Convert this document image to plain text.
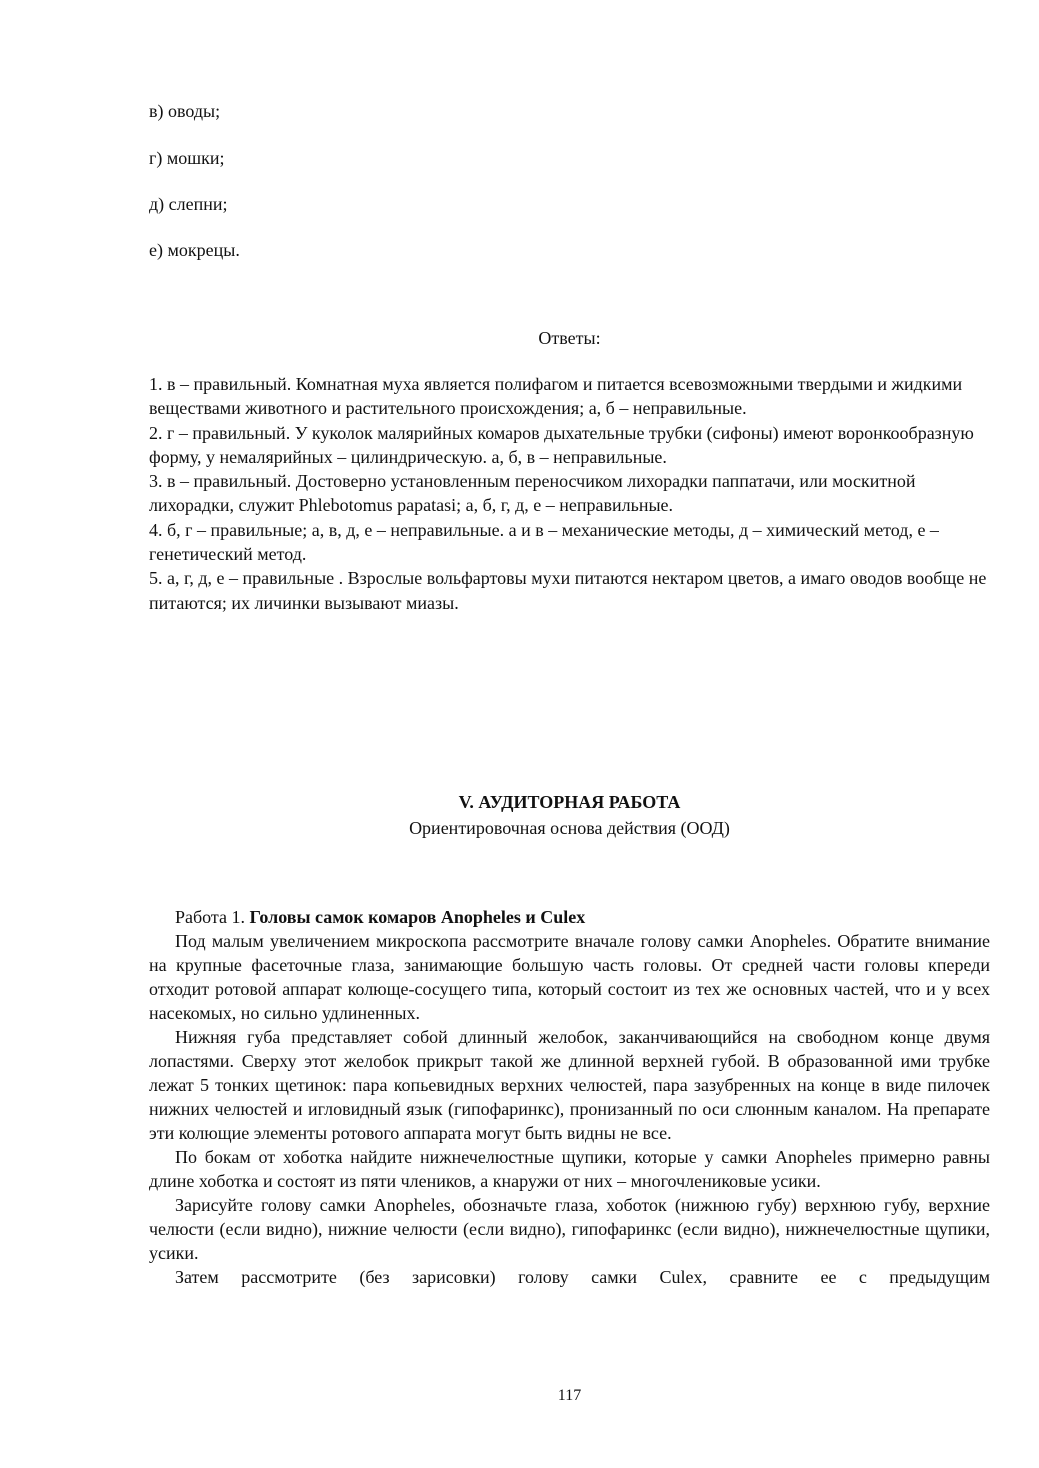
в) оводы;

г) мошки;

д) слепни;

е) мокрецы.

Ответы:

1. в – правильный. Комнатная муха является полифагом и питается всевозможными твердыми и жидкими веществами животного и растительного происхождения; а, б – неправильные.

2. г – правильный. У куколок малярийных комаров дыхательные трубки (сифоны) имеют воронкообразную форму, у немалярийных – цилиндрическую. а, б, в – неправильные.

3. в – правильный. Достоверно установленным переносчиком лихорадки паппатачи, или москитной лихорадки, служит Phlebotomus papatasi; а, б, г, д, е – неправильные.

4. б, г – правильные; а, в, д, е – неправильные. а и в – механические методы, д – химический метод, е – генетический метод.

5. а, г, д, е – правильные . Взрослые вольфартовы мухи питаются нектаром цветов, а имаго оводов вообще не питаются; их личинки вызывают миазы.

V. АУДИТОРНАЯ РАБОТА

Ориентировочная основа действия (ООД)

Работа 1. Головы самок комаров Anopheles и Culex

Под малым увеличением микроскопа рассмотрите вначале голову самки Anopheles. Обратите внимание на крупные фасеточные глаза, занимающие большую часть головы. От средней части головы кпереди отходит ротовой аппарат колюще-сосущего типа, который состоит из тех же основных частей, что и у всех насекомых, но сильно удлиненных.

Нижняя губа представляет собой длинный желобок, заканчивающийся на свободном конце двумя лопастями. Сверху этот желобок прикрыт такой же длинной верхней губой. В образованной ими трубке лежат 5 тонких щетинок: пара копьевидных верхних челюстей, пара зазубренных на конце в виде пилочек нижних челюстей и игловидный язык (гипофаринкс), пронизанный по оси слюнным каналом. На препарате эти колющие элементы ротового аппарата могут быть видны не все.

По бокам от хоботка найдите нижнечелюстные щупики, которые у самки Anopheles примерно равны длине хоботка и состоят из пяти члеников, а кнаружи от них – многочлениковые усики.

Зарисуйте голову самки Anopheles, обозначьте глаза, хоботок (нижнюю губу) верхнюю губу, верхние челюсти (если видно), нижние челюсти (если видно), гипофаринкс (если видно), нижнечелюстные щупики, усики.

Затем рассмотрите (без зарисовки) голову самки Culex, сравните ее с предыдущим

117
